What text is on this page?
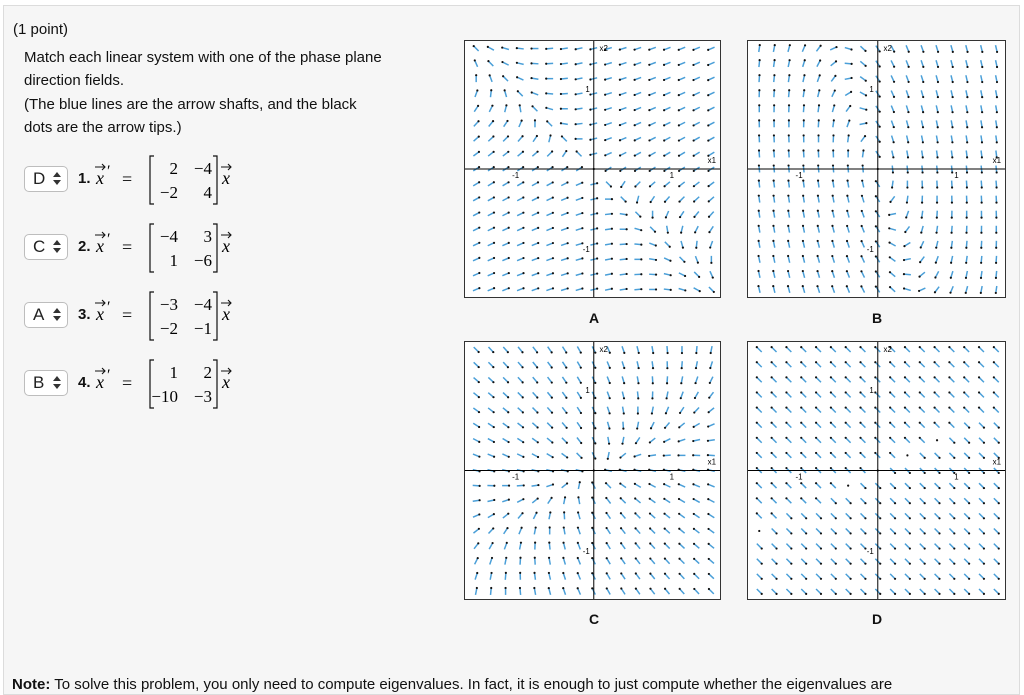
(1 point)
Match each linear system with one of the phase plane
direction fields.
(The blue lines are the arrow shafts, and the black
dots are the arrow tips.)
D	1. x ′ =
2 −4
−2 4
x
C	2. x ′ =
−4 3
1 −6
x
A	3. x ′ =
−3 −4
−2 −1
x
B	4. x ′ =
1 2
−10 −3
x
x1
x2
-1	1
1
-1
A
x1
x2
-1	1
1
-1
B
x1
x2
-1	1
1
-1
C
x1
x2
-1	1
1
-1
D
Note: To solve this problem, you only need to compute eigenvalues. In fact, it is enough to just compute whether the eigenvalues are
